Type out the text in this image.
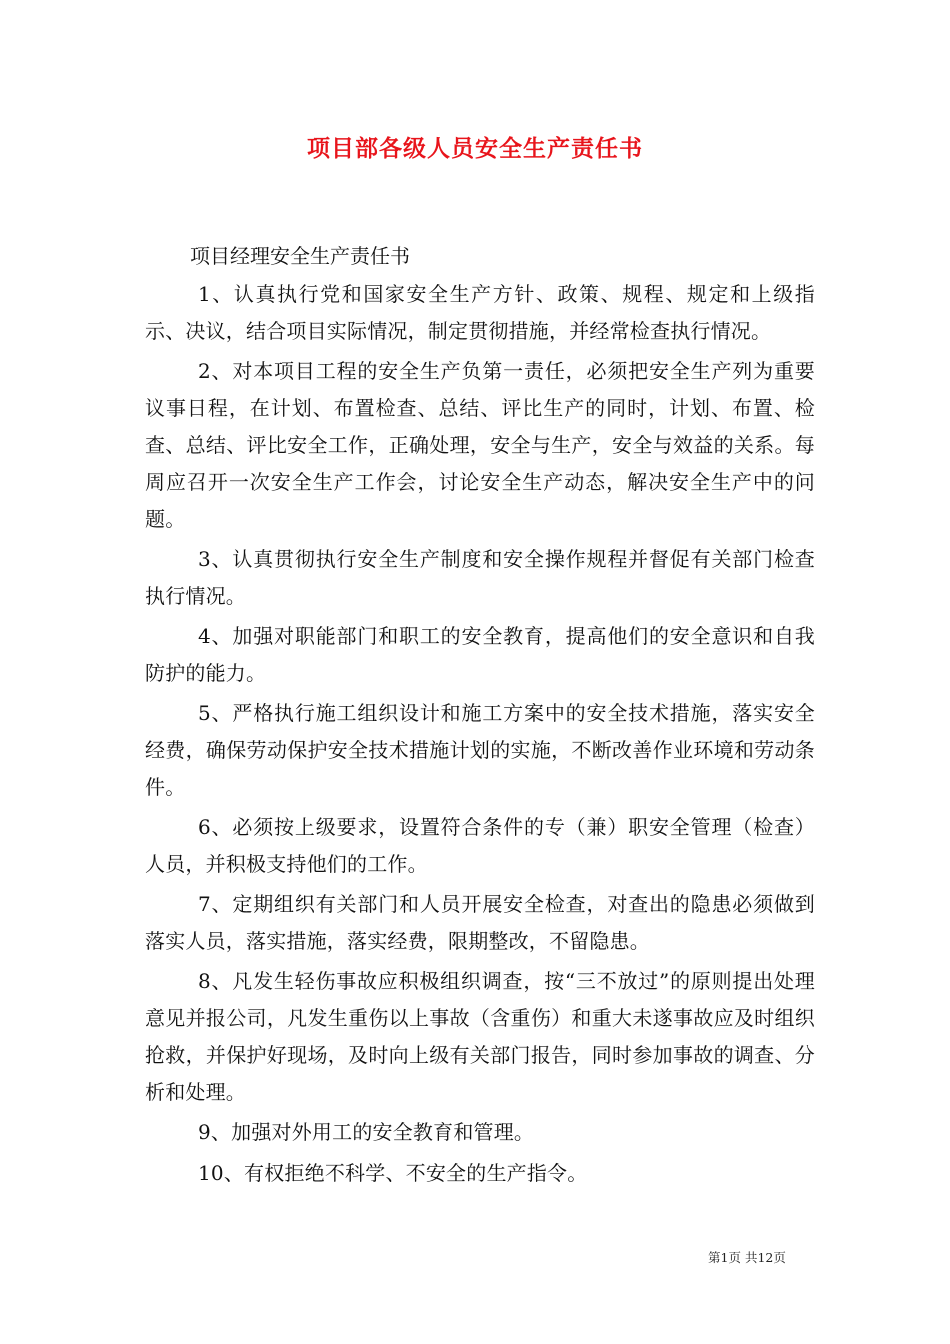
项目部各级人员安全生产责任书
项目经理安全生产责任书

1、认真执行党和国家安全生产方针、政策、规程、规定和上级指示、决议，结合项目实际情况，制定贯彻措施，并经常检查执行情况。

2、对本项目工程的安全生产负第一责任，必须把安全生产列为重要议事日程，在计划、布置检查、总结、评比生产的同时，计划、布置、检查、总结、评比安全工作，正确处理，安全与生产，安全与效益的关系。每周应召开一次安全生产工作会，讨论安全生产动态，解决安全生产中的问题。

3、认真贯彻执行安全生产制度和安全操作规程并督促有关部门检查执行情况。

4、加强对职能部门和职工的安全教育，提高他们的安全意识和自我防护的能力。

5、严格执行施工组织设计和施工方案中的安全技术措施，落实安全经费，确保劳动保护安全技术措施计划的实施，不断改善作业环境和劳动条件。

6、必须按上级要求，设置符合条件的专（兼）职安全管理（检查）人员，并积极支持他们的工作。

7、定期组织有关部门和人员开展安全检查，对查出的隐患必须做到落实人员，落实措施，落实经费，限期整改，不留隐患。

8、凡发生轻伤事故应积极组织调查，按“三不放过”的原则提出处理意见并报公司，凡发生重伤以上事故（含重伤）和重大未遂事故应及时组织抢救，并保护好现场，及时向上级有关部门报告，同时参加事故的调查、分析和处理。

9、加强对外用工的安全教育和管理。

10、有权拒绝不科学、不安全的生产指令。

第1页 共12页
